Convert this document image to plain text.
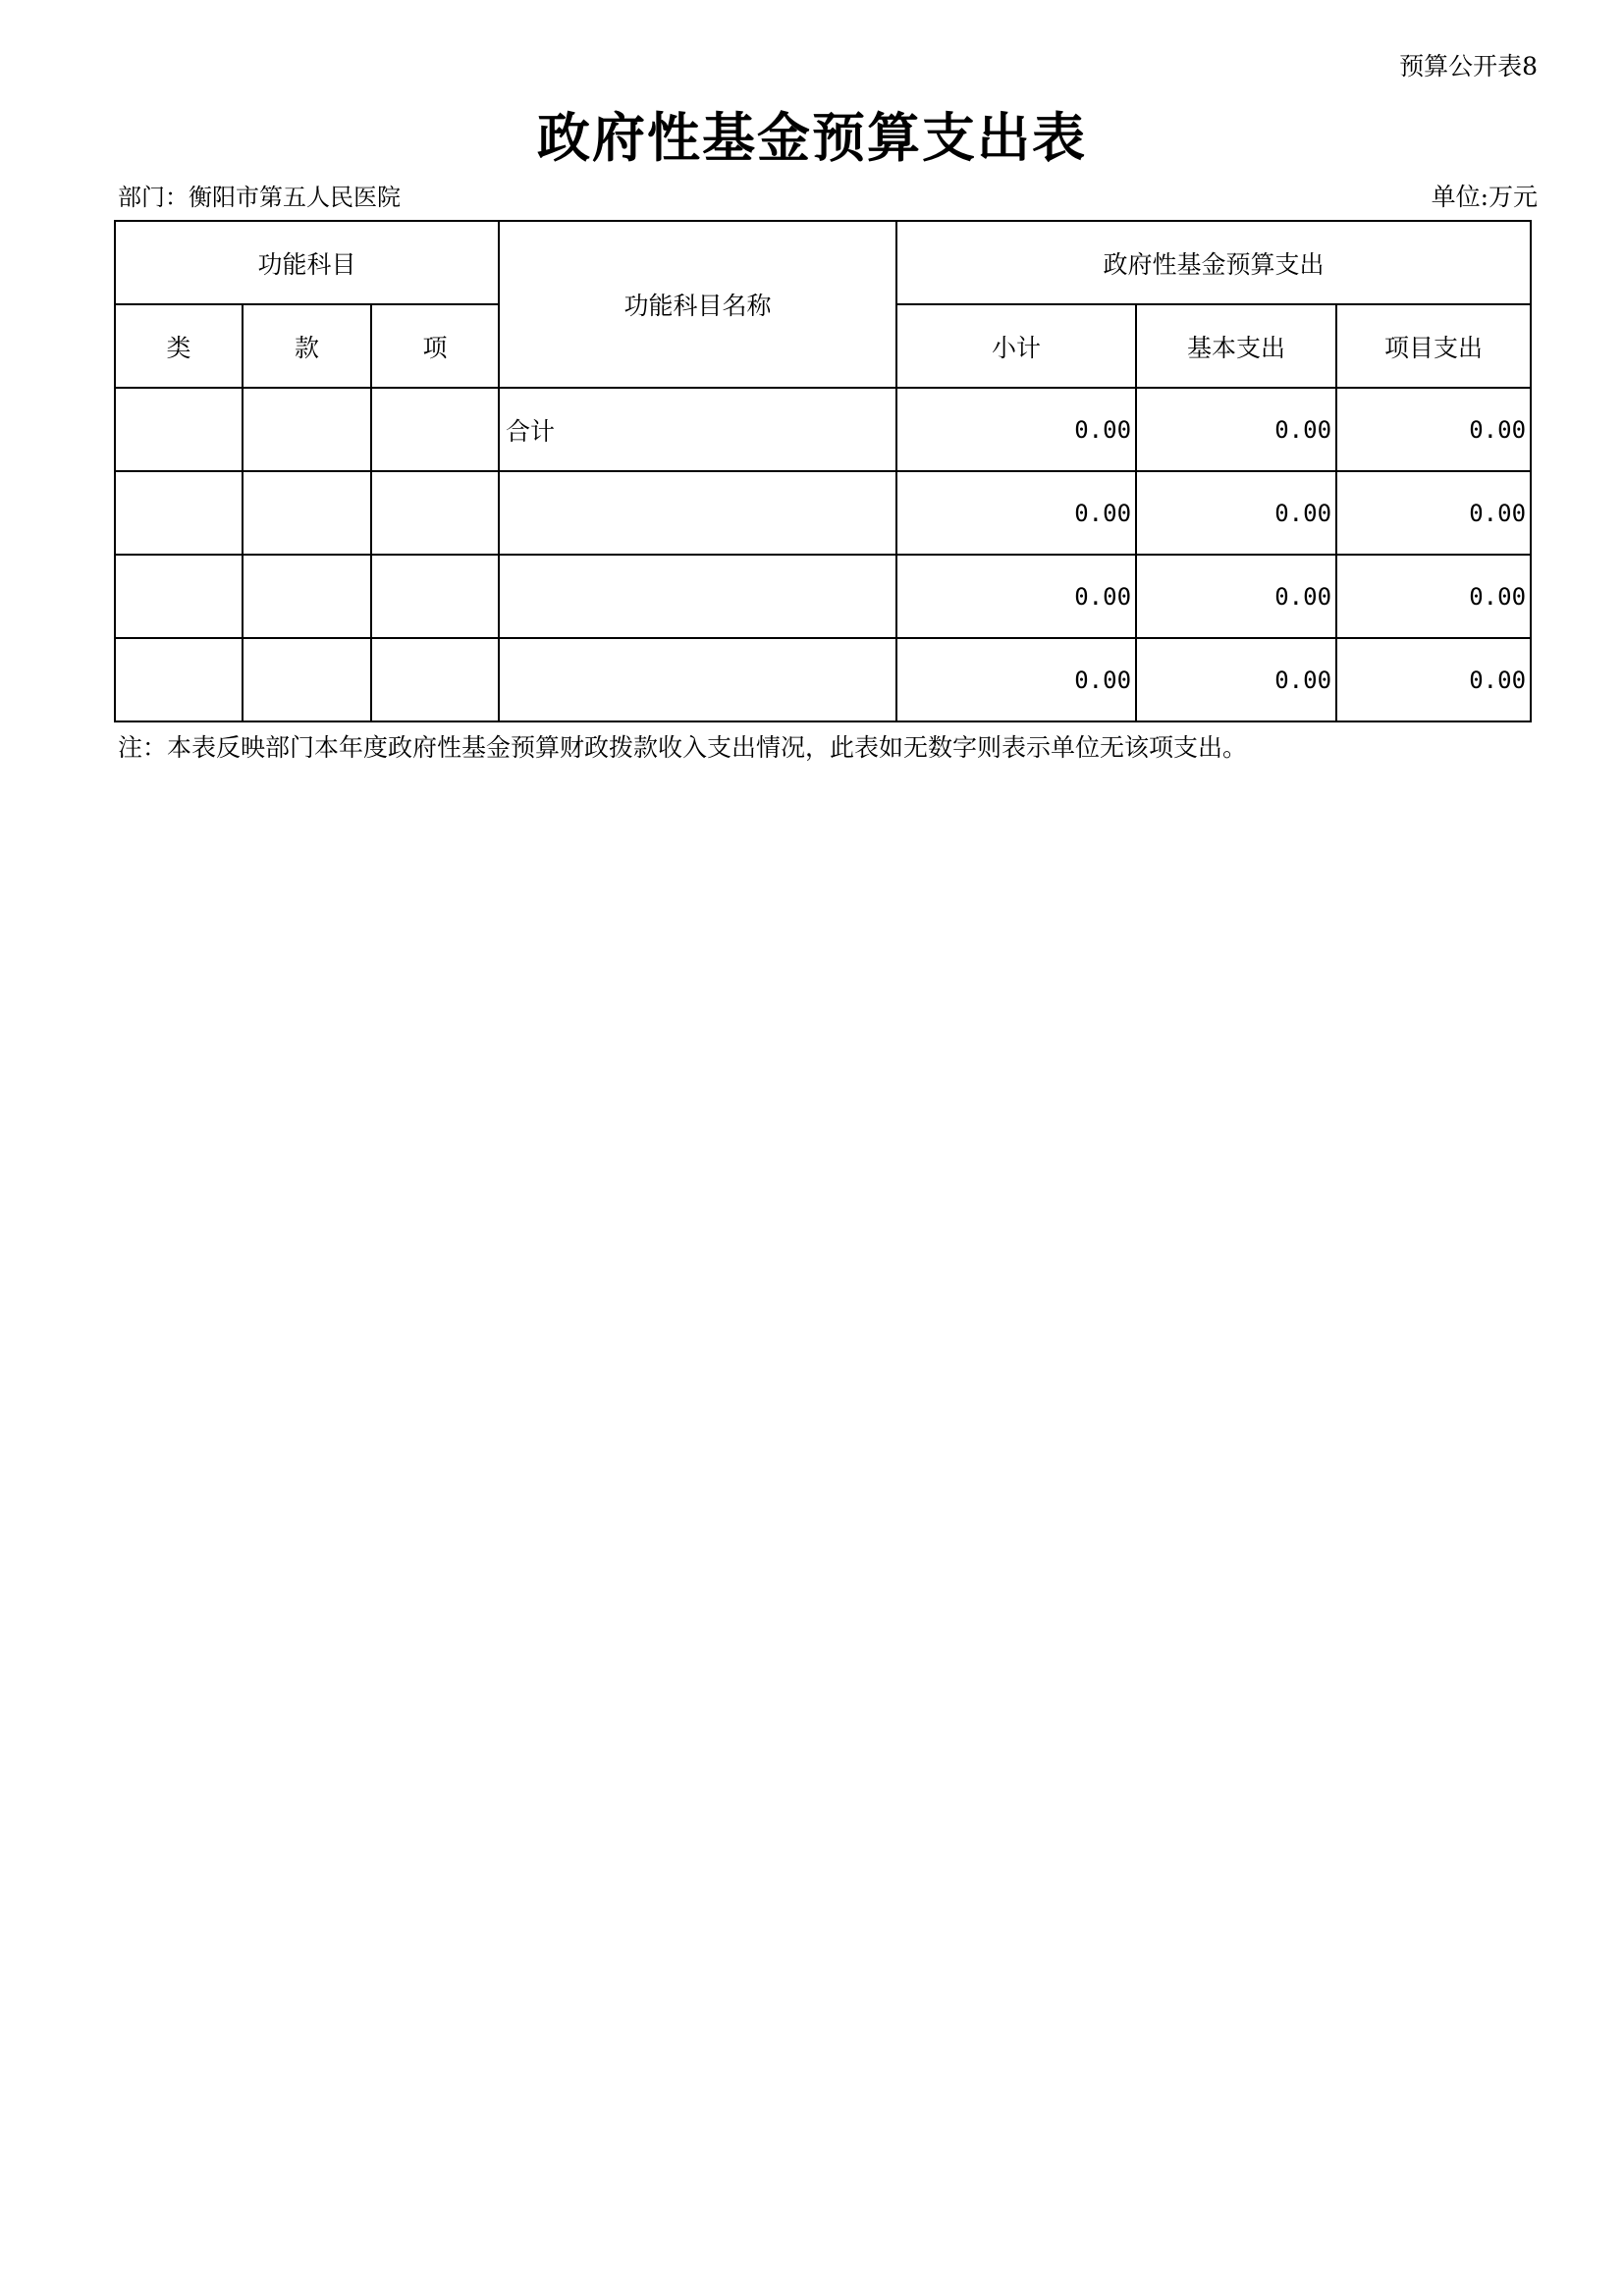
预算公开表8
政府性基金预算支出表
部门：衡阳市第五人民医院	单位:万元
功能科目			功能科目名称	政府性基金预算支出		
类	款	项		小计	基本支出	项目支出
			合计	0.00	0.00	0.00
				0.00	0.00	0.00
				0.00	0.00	0.00
				0.00	0.00	0.00
注：本表反映部门本年度政府性基金预算财政拨款收入支出情况，此表如无数字则表示单位无该项支出。
